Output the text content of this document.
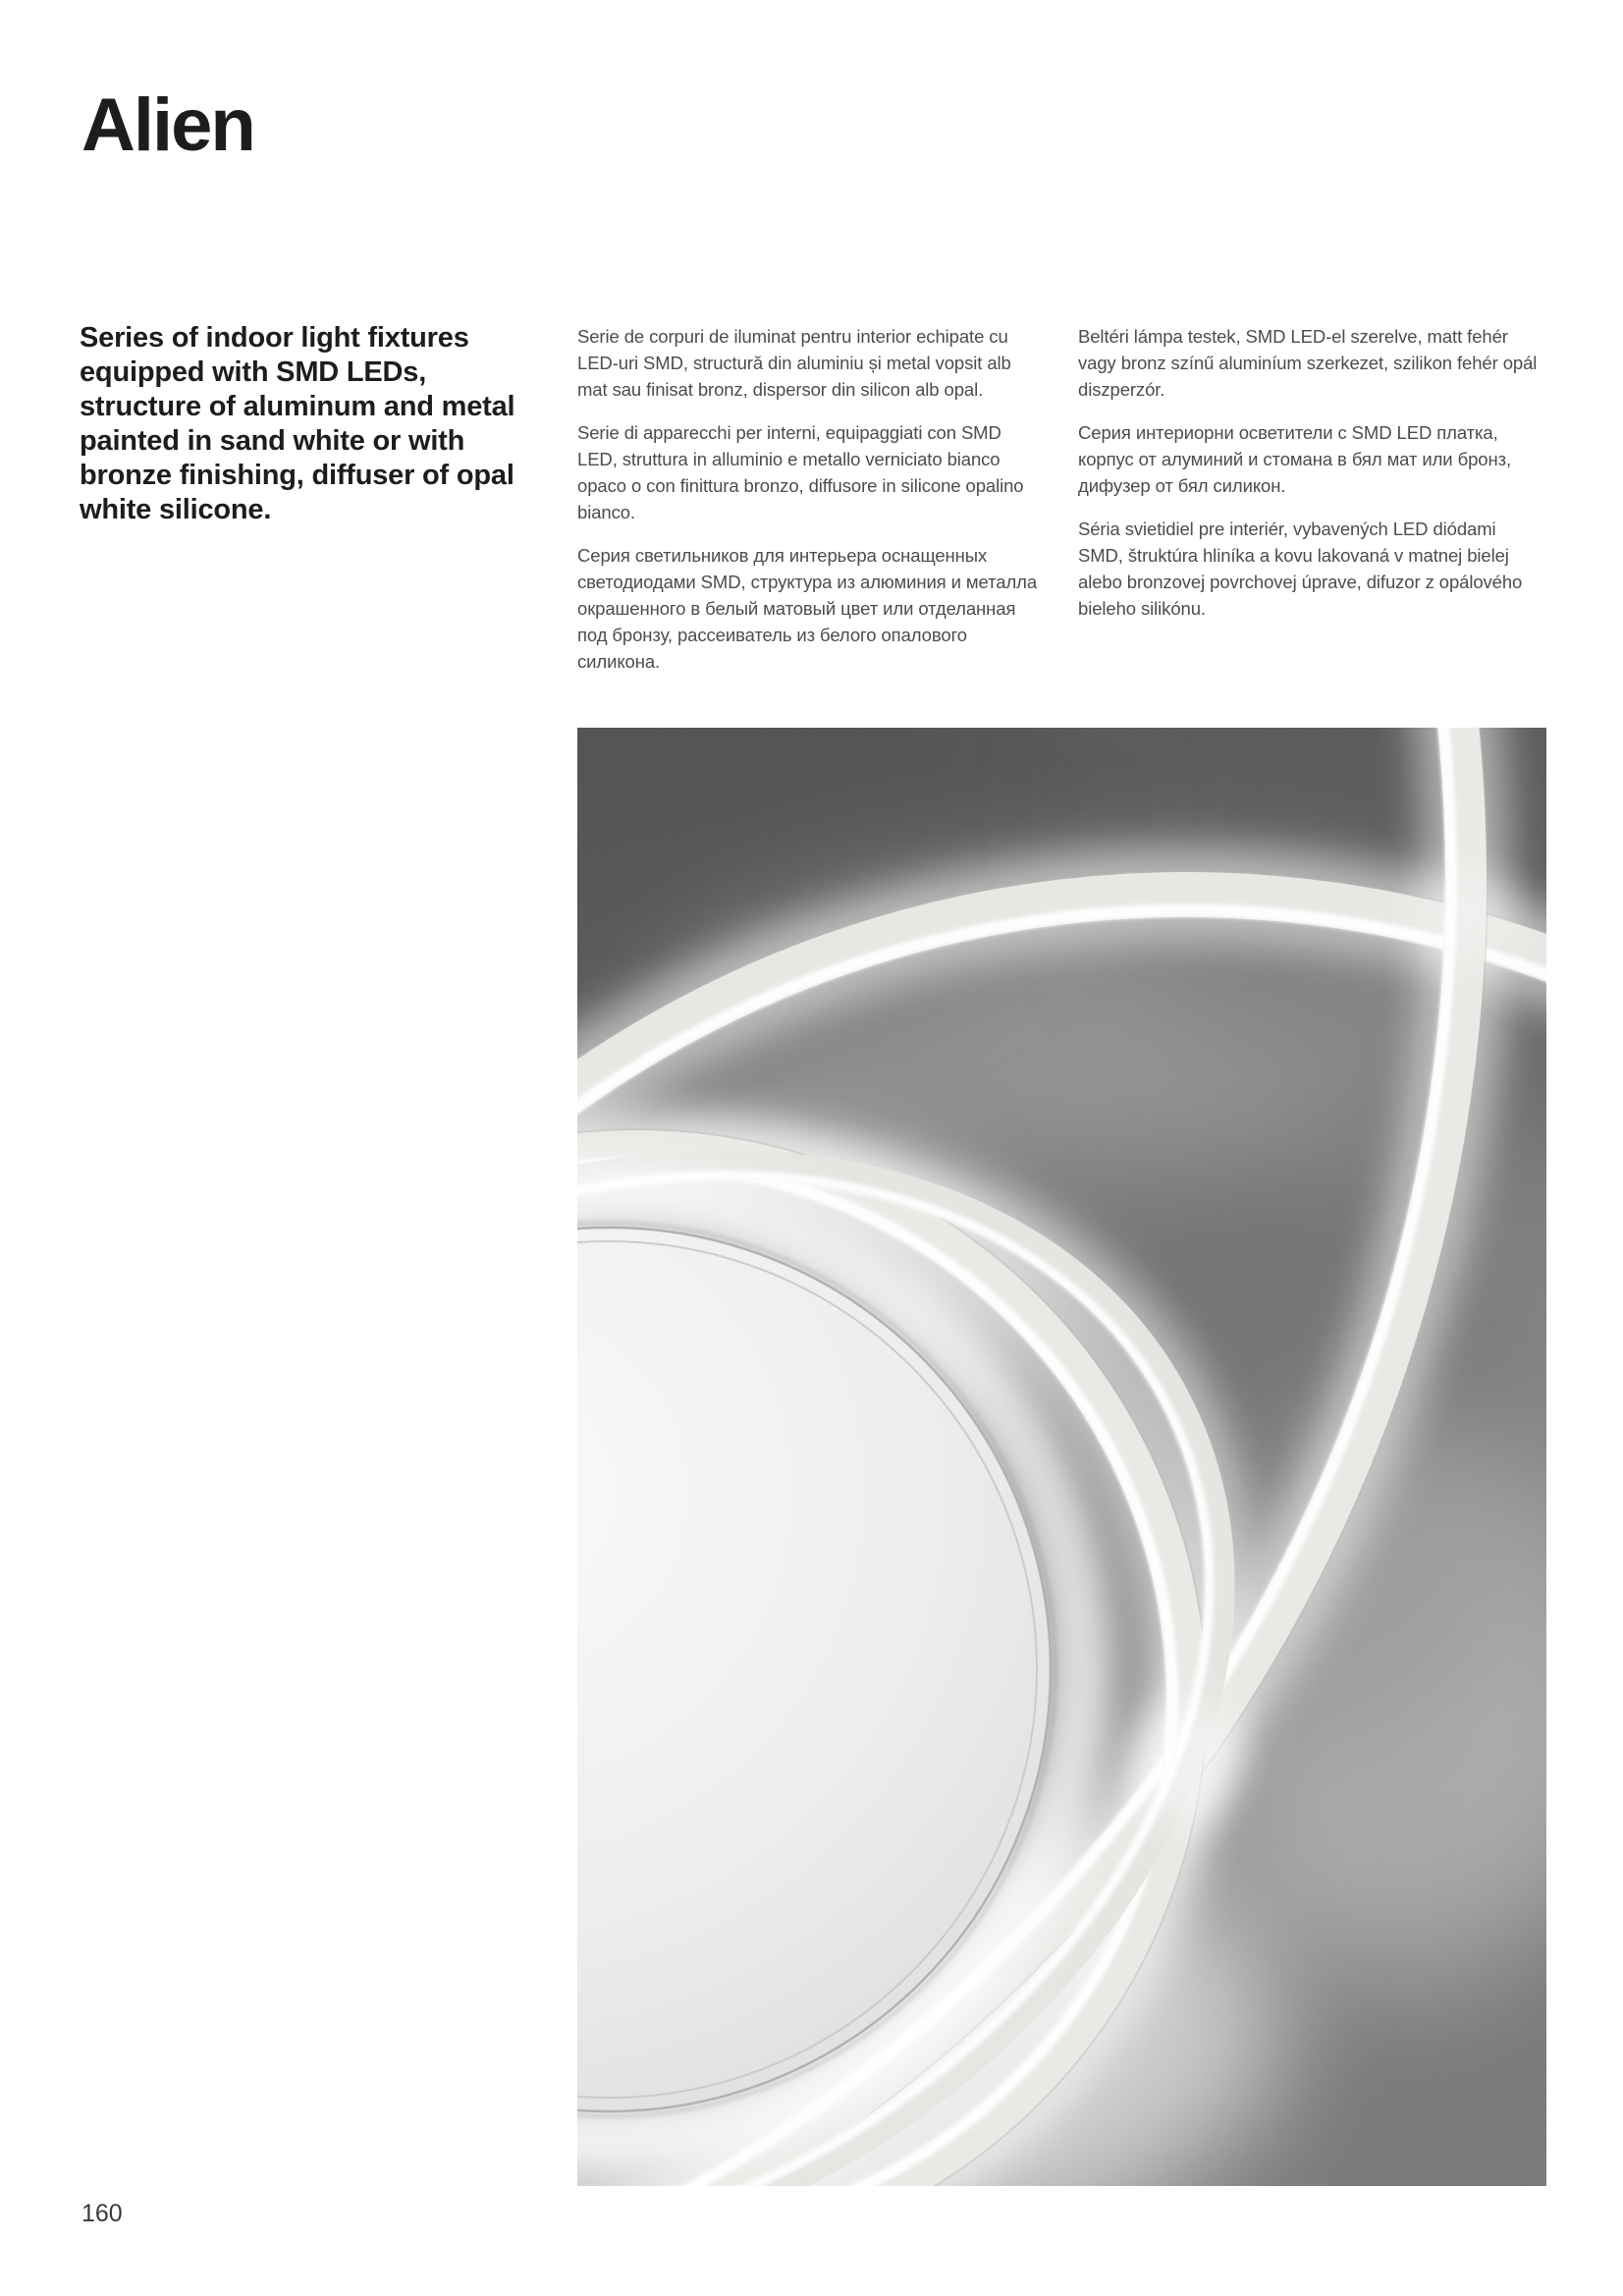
Alien
Series of indoor light fixtures equipped with SMD LEDs, structure of aluminum and metal painted in sand white or with bronze finishing, diffuser of opal white silicone.

Serie de corpuri de iluminat pentru interior echipate cu LED-uri SMD, structură din aluminiu și metal vopsit alb mat sau finisat bronz, dispersor din silicon alb opal.

Serie di apparecchi per interni, equipaggiati con SMD LED, struttura in alluminio e metallo verniciato bianco opaco o con finittura bronzo, diffusore in silicone opalino bianco.

Серия светильников для интерьера оснащенных светодиодами SMD, структура из алюминия и металла окрашенного в белый матовый цвет или отделанная под бронзу, рассеиватель из белого опалового силикона.

Beltéri lámpa testek, SMD LED-el szerelve, matt fehér vagy bronz színű aluminíum szerkezet, szilikon fehér opál diszperzór.

Серия интериорни осветители с SMD LED платка, корпус от алуминий и стомана в бял мат или бронз, дифузер от бял силикон.

Séria svietidiel pre interiér, vybavených LED diódami SMD, štruktúra hliníka a kovu lakovaná v matnej bielej alebo bronzovej povrchovej úprave, difuzor z opálového bieleho silikónu.

160
